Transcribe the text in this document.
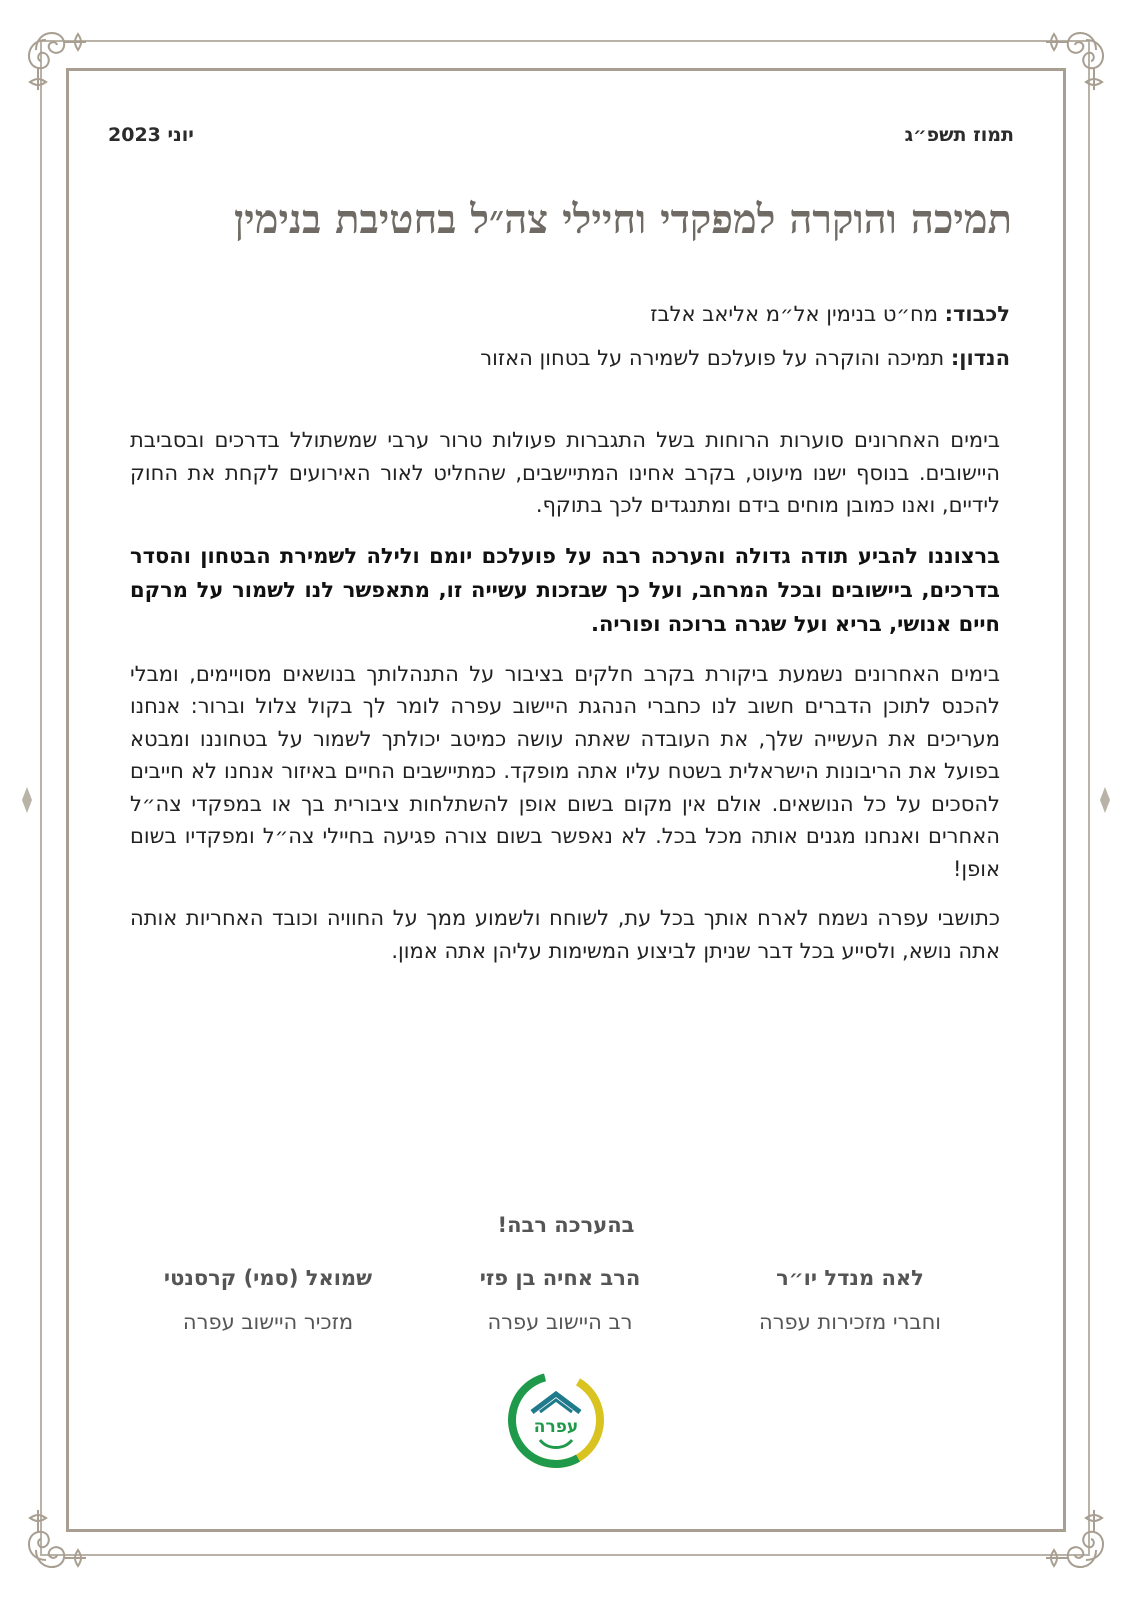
תמוז תשפ״ג
יוני 2023
תמיכה והוקרה למפקדי וחיילי צה״ל בחטיבת בנימין
לכבוד: מח״ט בנימין אל״מ אליאב אלבז
הנדון: תמיכה והוקרה על פועלכם לשמירה על בטחון האזור

בימים האחרונים סוערות הרוחות בשל התגברות פעולות טרור ערבי שמשתולל בדרכים ובסביבת היישובים. בנוסף ישנו מיעוט, בקרב אחינו המתיישבים, שהחליט לאור האירועים לקחת את החוק לידיים, ואנו כמובן מוחים בידם ומתנגדים לכך בתוקף.

ברצוננו להביע תודה גדולה והערכה רבה על פועלכם יומם ולילה לשמירת הבטחון והסדר בדרכים, ביישובים ובכל המרחב, ועל כך שבזכות עשייה זו, מתאפשר לנו לשמור על מרקם חיים אנושי, בריא ועל שגרה ברוכה ופוריה.

בימים האחרונים נשמעת ביקורת בקרב חלקים בציבור על התנהלותך בנושאים מסויימים, ומבלי להכנס לתוכן הדברים חשוב לנו כחברי הנהגת היישוב עפרה לומר לך בקול צלול וברור: אנחנו מעריכים את העשייה שלך, את העובדה שאתה עושה כמיטב יכולתך לשמור על בטחוננו ומבטא בפועל את הריבונות הישראלית בשטח עליו אתה מופקד. כמתיישבים החיים באיזור אנחנו לא חייבים להסכים על כל הנושאים. אולם אין מקום בשום אופן להשתלחות ציבורית בך או במפקדי צה״ל האחרים ואנחנו מגנים אותה מכל בכל. לא נאפשר בשום צורה פגיעה בחיילי צה״ל ומפקדיו בשום אופן!

כתושבי עפרה נשמח לארח אותך בכל עת, לשוחח ולשמוע ממך על החוויה וכובד האחריות אותה אתה נושא, ולסייע בכל דבר שניתן לביצוע המשימות עליהן אתה אמון.

בהערכה רבה!
לאה מנדל יו״ר
וחברי מזכירות עפרה
הרב אחיה בן פזי
רב היישוב עפרה
שמואל (סמי) קרסנטי
מזכיר היישוב עפרה
עפרה
